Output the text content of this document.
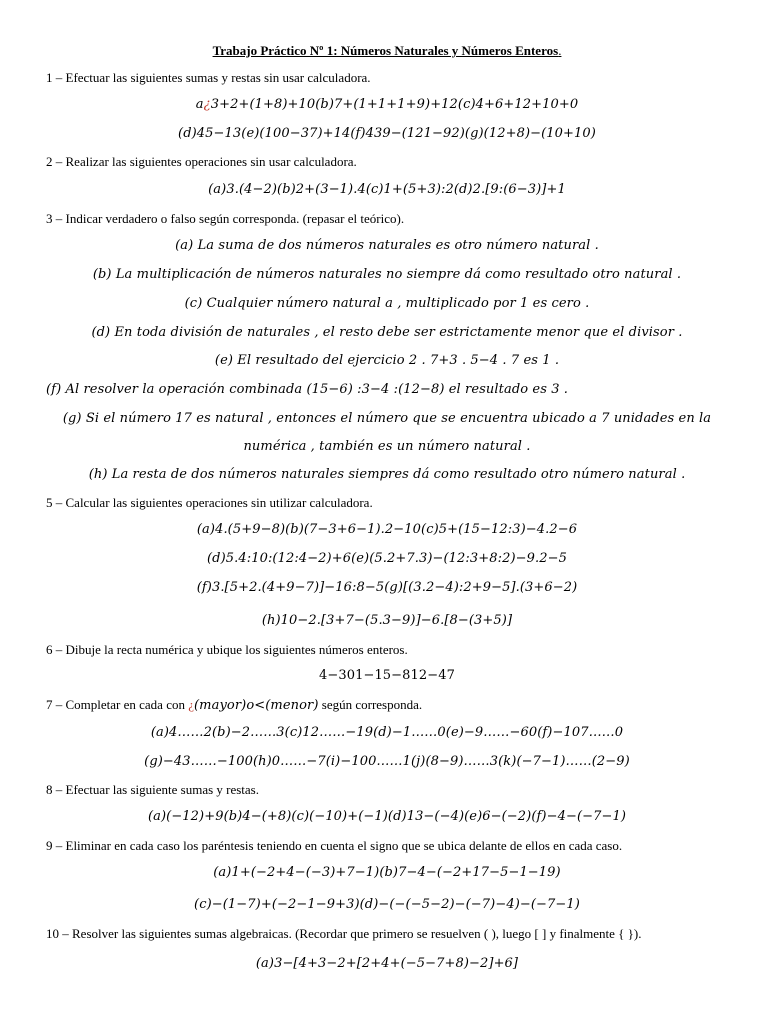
Trabajo Práctico Nº 1: Números Naturales y Números Enteros.
1 – Efectuar las siguientes sumas y restas sin usar calculadora.
a¿3+2+(1+8)+10(b)7+(1+1+1+9)+12(c)4+6+12+10+0
(d)45−13(e)(100−37)+14(f)439−(121−92)(g)(12+8)−(10+10)
2 – Realizar las siguientes operaciones sin usar calculadora.
(a)3.(4−2)(b)2+(3−1).4(c)1+(5+3):2(d)2.[9:(6−3)]+1
3 – Indicar verdadero o falso según corresponda. (repasar el teórico).
(a) La suma de dos números naturales es otro número natural .
(b) La multiplicación de números naturales no siempre dá como resultado otro natural .
(c) Cualquier número natural a , multiplicado por 1 es cero .
(d) En toda división de naturales , el resto debe ser estrictamente menor que el divisor .
(e) El resultado del ejercicio 2 . 7+3 . 5−4 . 7 es 1 .
(f) Al resolver la operación combinada (15−6) :3−4 :(12−8) el resultado es 3 .
(g) Si el número 17 es natural , entonces el número que se encuentra ubicado a 7 unidades en la
numérica , también es un número natural .
(h) La resta de dos números naturales siempres dá como resultado otro número natural .
5 – Calcular las siguientes operaciones sin utilizar calculadora.
(a)4.(5+9−8)(b)(7−3+6−1).2−10(c)5+(15−12:3)−4.2−6
(d)5.4:10:(12:4−2)+6(e)(5.2+7.3)−(12:3+8:2)−9.2−5
(f)3.[5+2.(4+9−7)]−16:8−5(g)[(3.2−4):2+9−5].(3+6−2)
(h)10−2.[3+7−(5.3−9)]−6.[8−(3+5)]
6 – Dibuje la recta numérica y ubique los siguientes números enteros.
4−301−15−812−47
7 – Completar en cada con ¿(mayor)o<(menor) según corresponda.
(a)4……2(b)−2……3(c)12……−19(d)−1……0(e)−9……−60(f)−107……0
(g)−43……−100(h)0……−7(i)−100……1(j)(8−9)……3(k)(−7−1)……(2−9)
8 – Efectuar las siguiente sumas y restas.
(a)(−12)+9(b)4−(+8)(c)(−10)+(−1)(d)13−(−4)(e)6−(−2)(f)−4−(−7−1)
9 – Eliminar en cada caso los paréntesis teniendo en cuenta el signo que se ubica delante de ellos en cada caso.
(a)1+(−2+4−(−3)+7−1)(b)7−4−(−2+17−5−1−19)
(c)−(1−7)+(−2−1−9+3)(d)−(−(−5−2)−(−7)−4)−(−7−1)
10 – Resolver las siguientes sumas algebraicas. (Recordar que primero se resuelven ( ), luego [ ] y finalmente { }).
(a)3−[4+3−2+[2+4+(−5−7+8)−2]+6]
